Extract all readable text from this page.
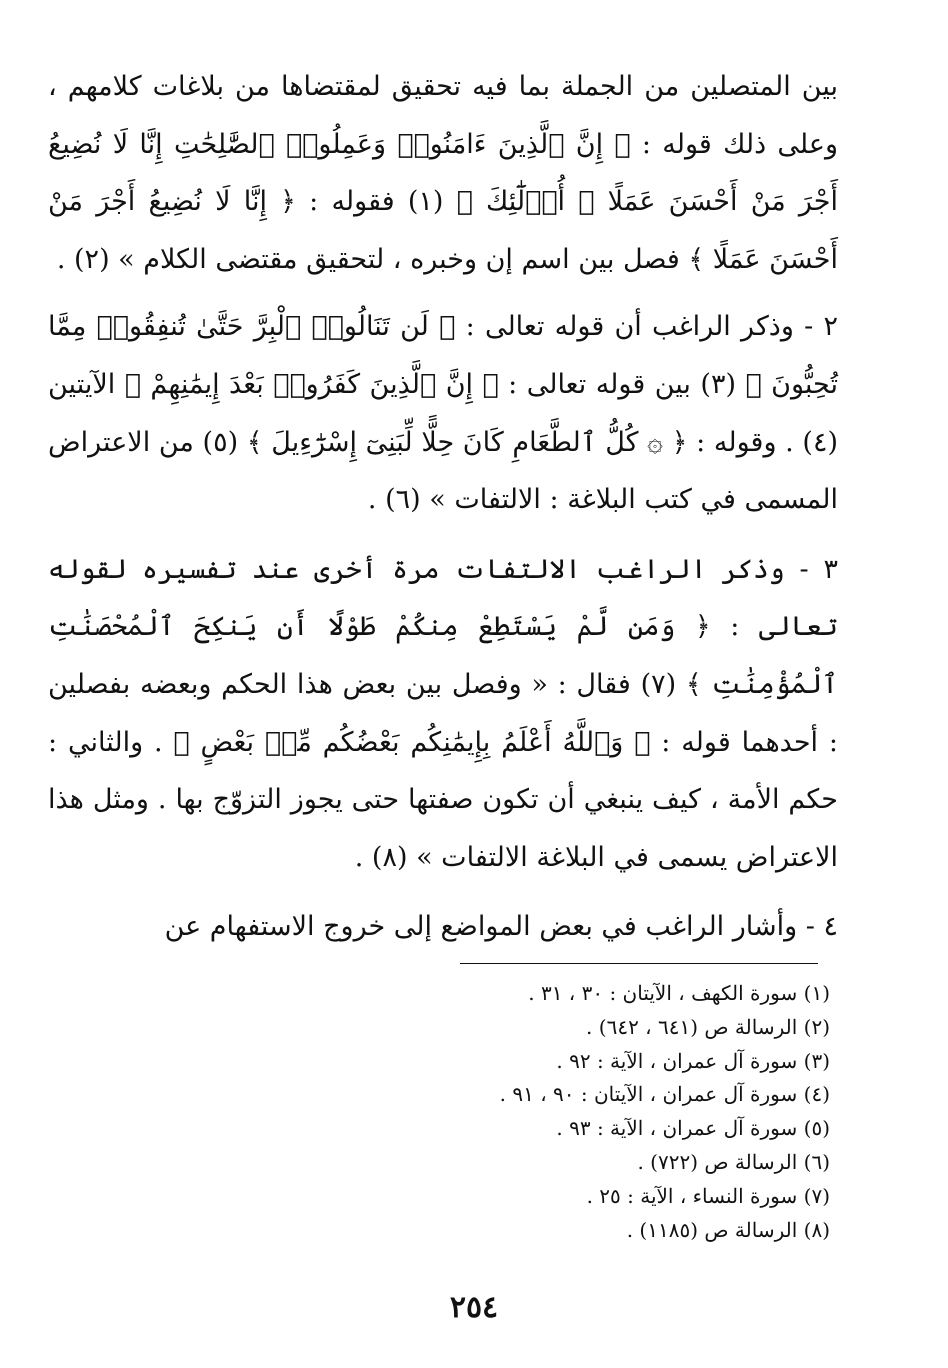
بين المتصلين من الجملة بما فيه تحقيق لمقتضاها من بلاغات كلامهم ، وعلى ذلك قوله : ﴿ إِنَّ ٱلَّذِينَ ءَامَنُوا۟ وَعَمِلُوا۟ ٱلصَّٰلِحَٰتِ إِنَّا لَا نُضِيعُ أَجْرَ مَنْ أَحْسَنَ عَمَلًا ۞ أُو۟لَٰٓئِكَ ﴾ (١) فقوله : ﴿ إِنَّا لَا نُضِيعُ أَجْرَ مَنْ أَحْسَنَ عَمَلًا ﴾ فصل بين اسم إن وخبره ، لتحقيق مقتضى الكلام » (٢) .

٢ - وذكر الراغب أن قوله تعالى : ﴿ لَن تَنَالُوا۟ ٱلْبِرَّ حَتَّىٰ تُنفِقُوا۟ مِمَّا تُحِبُّونَ ﴾ (٣) بين قوله تعالى : ﴿ إِنَّ ٱلَّذِينَ كَفَرُوا۟ بَعْدَ إِيمَٰنِهِمْ ﴾ الآيتين (٤) . وقوله : ﴿ ۞ كُلُّ ٱلطَّعَامِ كَانَ حِلًّا لِّبَنِىٓ إِسْرَٰٓءِيلَ ﴾ (٥) من الاعتراض المسمى في كتب البلاغة : الالتفات » (٦) .

٣ - وذكر الراغب الالتفات مرة أخرى عند تفسيره لقوله تعالى : ﴿ وَمَن لَّمْ يَسْتَطِعْ مِنكُمْ طَوْلًا أَن يَنكِحَ ٱلْمُحْصَنَٰتِ ٱلْمُؤْمِنَٰتِ ﴾ (٧) فقال : « وفصل بين بعض هذا الحكم وبعضه بفصلين : أحدهما قوله : ﴿ وَٱللَّهُ أَعْلَمُ بِإِيمَٰنِكُم بَعْضُكُم مِّنۢ بَعْضٍ ﴾ . والثاني : حكم الأمة ، كيف ينبغي أن تكون صفتها حتى يجوز التزوّج بها . ومثل هذا الاعتراض يسمى في البلاغة الالتفات » (٨) .

٤ - وأشار الراغب في بعض المواضع إلى خروج الاستفهام عن

(١) سورة الكهف ، الآيتان : ٣٠ ، ٣١ .
(٢) الرسالة ص (٦٤١ ، ٦٤٢) .
(٣) سورة آل عمران ، الآية : ٩٢ .
(٤) سورة آل عمران ، الآيتان : ٩٠ ، ٩١ .
(٥) سورة آل عمران ، الآية : ٩٣ .
(٦) الرسالة ص (٧٢٢) .
(٧) سورة النساء ، الآية : ٢٥ .
(٨) الرسالة ص (١١٨٥) .
٢٥٤
